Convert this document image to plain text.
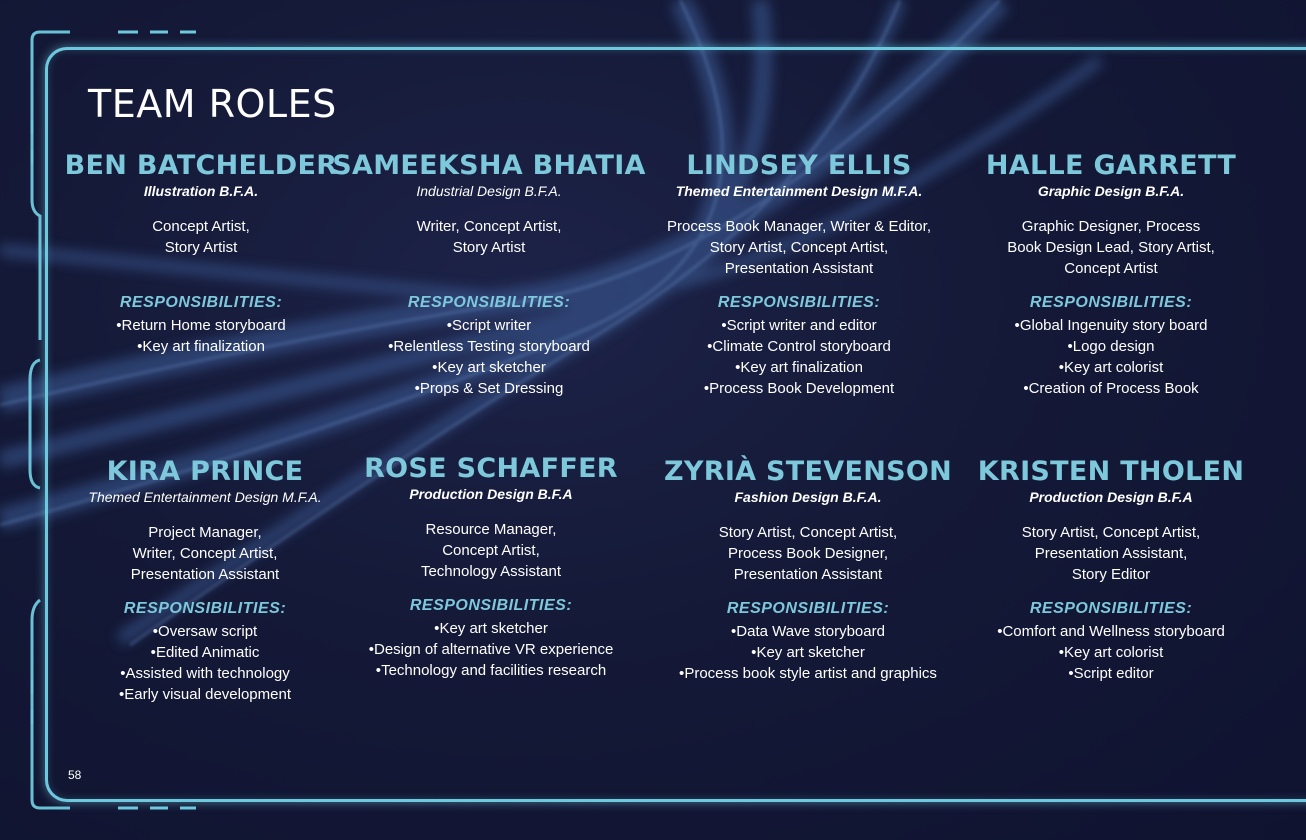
TEAM ROLES
58
BEN BATCHELDER
Illustration B.F.A.
Concept Artist,
Story Artist

RESPONSIBILITIES:
• Return Home storyboard
• Key art finalization
SAMEEKSHA BHATIA
Industrial Design B.F.A.
Writer, Concept Artist,
Story Artist

RESPONSIBILITIES:
• Script writer
• Relentless Testing storyboard
• Key art sketcher
• Props & Set Dressing
LINDSEY ELLIS
Themed Entertainment Design M.F.A.
Process Book Manager, Writer & Editor,
Story Artist, Concept Artist,
Presentation Assistant
RESPONSIBILITIES:
• Script writer and editor
• Climate Control storyboard
• Key art finalization
• Process Book Development
HALLE GARRETT
Graphic Design B.F.A.
Graphic Designer, Process
Book Design Lead, Story Artist,
Concept Artist
RESPONSIBILITIES:
• Global Ingenuity story board
• Logo design
• Key art colorist
• Creation of Process Book
KIRA PRINCE
Themed Entertainment Design M.F.A.
Project Manager,
Writer, Concept Artist,
Presentation Assistant
RESPONSIBILITIES:
• Oversaw script
• Edited Animatic
• Assisted with technology
• Early visual development
ROSE SCHAFFER
Production Design B.F.A
Resource Manager,
Concept Artist,
Technology Assistant
RESPONSIBILITIES:
• Key art sketcher
• Design of alternative VR experience
• Technology and facilities research
ZYRIÀ STEVENSON
Fashion Design B.F.A.
Story Artist, Concept Artist,
Process Book Designer,
Presentation Assistant
RESPONSIBILITIES:
• Data Wave storyboard
• Key art sketcher
• Process book style artist and graphics
KRISTEN THOLEN
Production Design B.F.A
Story Artist, Concept Artist,
Presentation Assistant,
Story Editor
RESPONSIBILITIES:
• Comfort and Wellness storyboard
• Key art colorist
• Script editor
